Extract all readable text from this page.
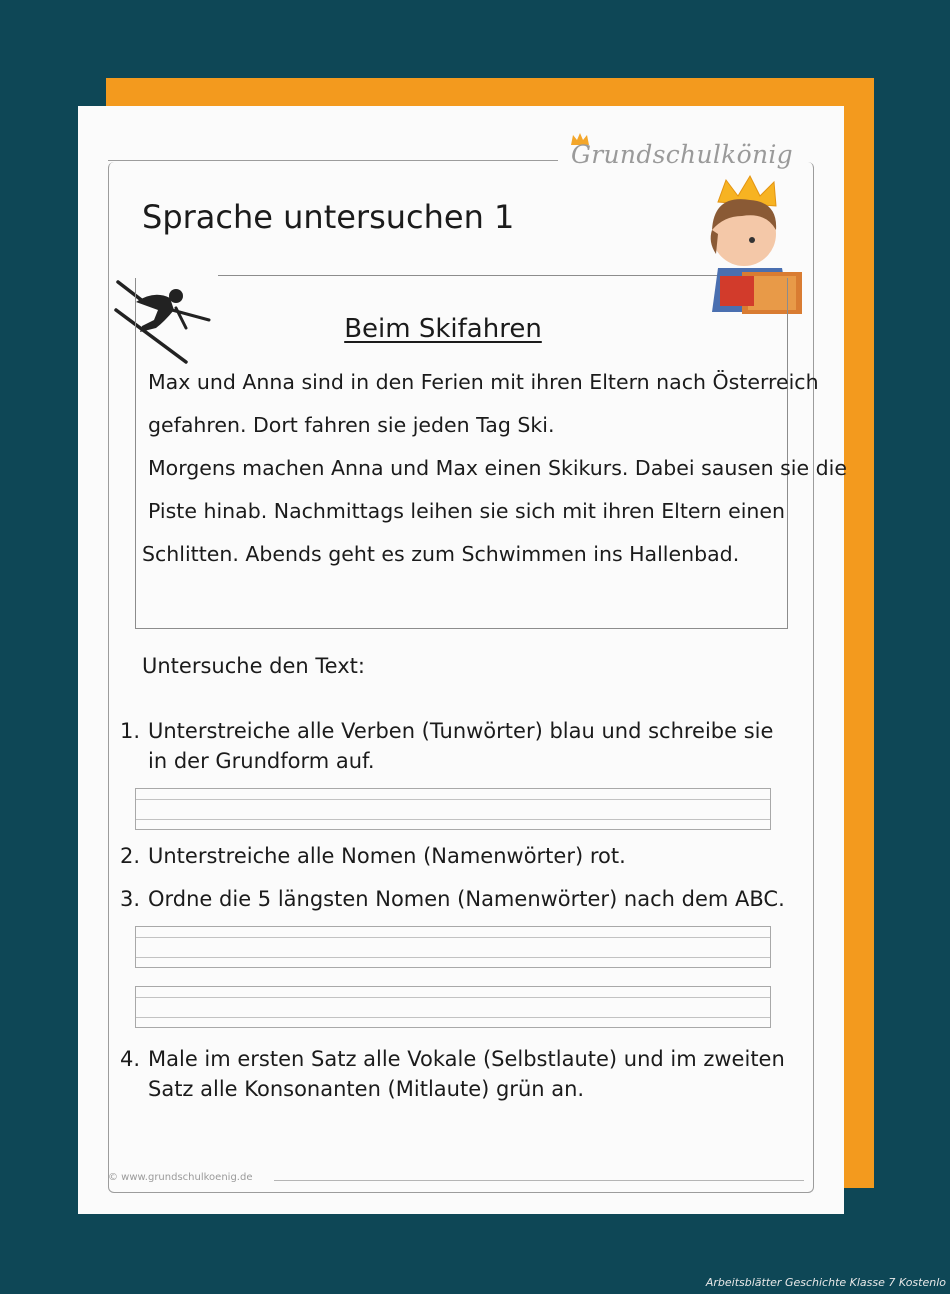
Grundschulkönig
Sprache untersuchen 1
Beim Skifahren
Max und Anna sind in den Ferien mit ihren Eltern nach Österreich
gefahren. Dort fahren sie jeden Tag Ski.
Morgens machen Anna und Max einen Skikurs. Dabei sausen sie die
Piste hinab. Nachmittags leihen sie sich mit ihren Eltern einen
Schlitten. Abends geht es zum Schwimmen ins Hallenbad.
Untersuche den Text:
1. Unterstreiche alle Verben (Tunwörter) blau und schreibe sie
in der Grundform auf.
2. Unterstreiche alle Nomen (Namenwörter) rot.
3. Ordne die 5 längsten Nomen (Namenwörter) nach dem ABC.
4. Male im ersten Satz alle Vokale (Selbstlaute) und im zweiten
Satz alle Konsonanten (Mitlaute) grün an.
© www.grundschulkoenig.de
Arbeitsblätter Geschichte Klasse 7 Kostenlo
